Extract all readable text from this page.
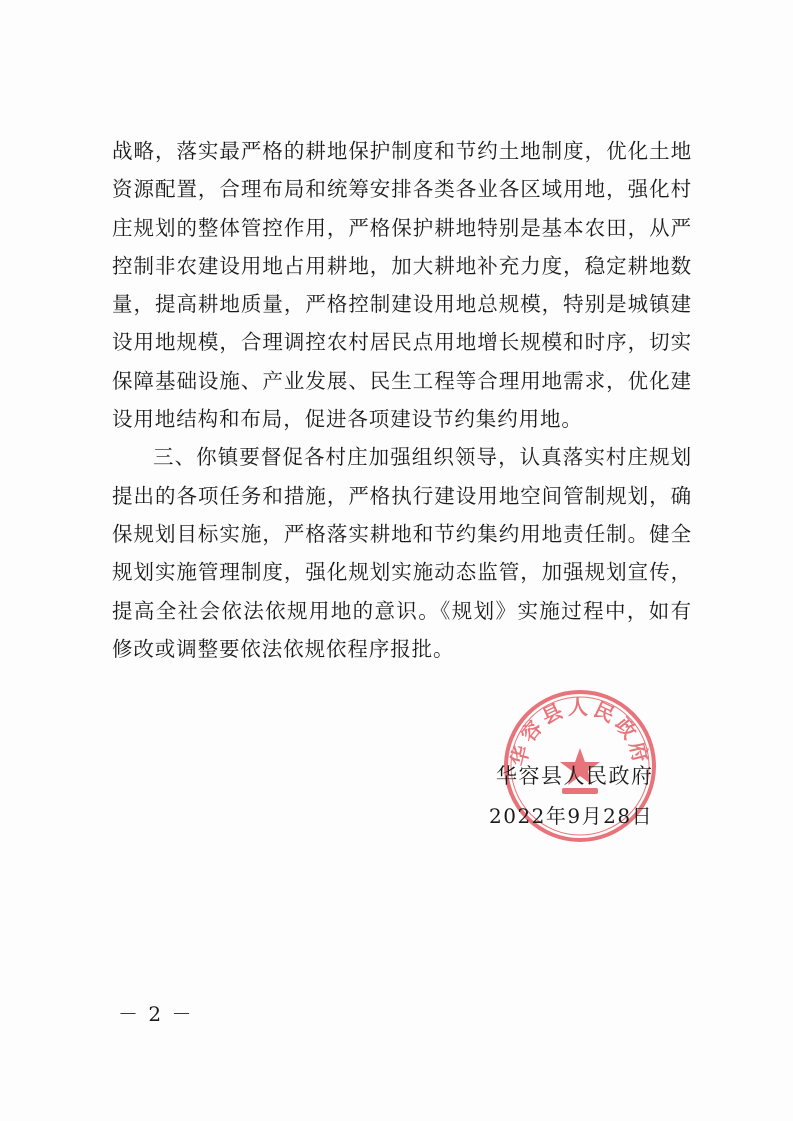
战略，落实最严格的耕地保护制度和节约土地制度，优化土地资源配置，合理布局和统筹安排各类各业各区域用地，强化村庄规划的整体管控作用，严格保护耕地特别是基本农田，从严控制非农建设用地占用耕地，加大耕地补充力度，稳定耕地数量，提高耕地质量，严格控制建设用地总规模，特别是城镇建设用地规模，合理调控农村居民点用地增长规模和时序，切实保障基础设施、产业发展、民生工程等合理用地需求，优化建设用地结构和布局，促进各项建设节约集约用地。

三、你镇要督促各村庄加强组织领导，认真落实村庄规划提出的各项任务和措施，严格执行建设用地空间管制规划，确保规划目标实施，严格落实耕地和节约集约用地责任制。健全规划实施管理制度，强化规划实施动态监管，加强规划宣传，提高全社会依法依规用地的意识。《规划》实施过程中，如有修改或调整要依法依规依程序报批。

华容县人民政府
华容县人民政府
2022年9月28日
－ 2 －
